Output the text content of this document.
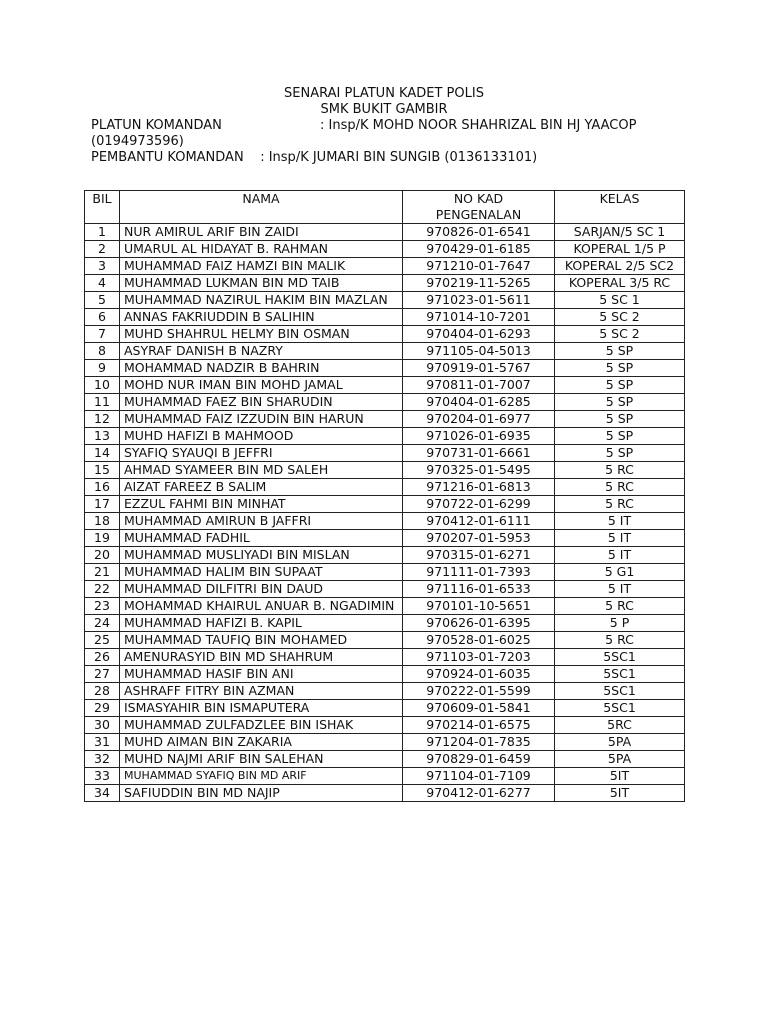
SENARAI PLATUN KADET POLIS
SMK BUKIT GAMBIR
PLATUN KOMANDAN	: Insp/K MOHD NOOR SHAHRIZAL BIN HJ YAACOP
(0194973596)
PEMBANTU KOMANDAN    : Insp/K JUMARI BIN SUNGIB (0136133101)
BIL	NAMA	NO KAD PENGENALAN	KELAS
1	NUR AMIRUL ARIF BIN ZAIDI	970826-01-6541	SARJAN/5 SC 1
2	UMARUL AL HIDAYAT B. RAHMAN	970429-01-6185	KOPERAL 1/5 P
3	MUHAMMAD FAIZ HAMZI BIN MALIK	971210-01-7647	KOPERAL 2/5 SC2
4	MUHAMMAD LUKMAN BIN MD TAIB	970219-11-5265	KOPERAL 3/5 RC
5	MUHAMMAD NAZIRUL HAKIM BIN MAZLAN	971023-01-5611	5 SC 1
6	ANNAS FAKRIUDDIN B SALIHIN	971014-10-7201	5 SC 2
7	MUHD SHAHRUL HELMY BIN OSMAN	970404-01-6293	5 SC 2
8	ASYRAF DANISH B NAZRY	971105-04-5013	5 SP
9	MOHAMMAD NADZIR B BAHRIN	970919-01-5767	5 SP
10	MOHD NUR IMAN BIN MOHD JAMAL	970811-01-7007	5 SP
11	MUHAMMAD FAEZ BIN SHARUDIN	970404-01-6285	5 SP
12	MUHAMMAD FAIZ IZZUDIN BIN HARUN	970204-01-6977	5 SP
13	MUHD HAFIZI B MAHMOOD	971026-01-6935	5 SP
14	SYAFIQ SYAUQI B JEFFRI	970731-01-6661	5 SP
15	AHMAD SYAMEER BIN MD SALEH	970325-01-5495	5 RC
16	AIZAT FAREEZ B SALIM	971216-01-6813	5 RC
17	EZZUL FAHMI BIN MINHAT	970722-01-6299	5 RC
18	MUHAMMAD AMIRUN B JAFFRI	970412-01-6111	5 IT
19	MUHAMMAD FADHIL	970207-01-5953	5 IT
20	MUHAMMAD MUSLIYADI BIN MISLAN	970315-01-6271	5 IT
21	MUHAMMAD HALIM BIN SUPAAT	971111-01-7393	5 G1
22	MUHAMMAD DILFITRI BIN DAUD	971116-01-6533	5 IT
23	MOHAMMAD KHAIRUL ANUAR B. NGADIMIN	970101-10-5651	5 RC
24	MUHAMMAD HAFIZI B. KAPIL	970626-01-6395	5 P
25	MUHAMMAD TAUFIQ BIN MOHAMED	970528-01-6025	5 RC
26	AMENURASYID BIN MD SHAHRUM	971103-01-7203	5SC1
27	MUHAMMAD HASIF BIN ANI	970924-01-6035	5SC1
28	ASHRAFF FITRY BIN AZMAN	970222-01-5599	5SC1
29	ISMASYAHIR BIN ISMAPUTERA	970609-01-5841	5SC1
30	MUHAMMAD ZULFADZLEE BIN ISHAK	970214-01-6575	5RC
31	MUHD AIMAN BIN ZAKARIA	971204-01-7835	5PA
32	MUHD NAJMI ARIF BIN SALEHAN	970829-01-6459	5PA
33	MUHAMMAD SYAFIQ BIN MD ARIF	971104-01-7109	5IT
34	SAFIUDDIN BIN MD NAJIP	970412-01-6277	5IT
